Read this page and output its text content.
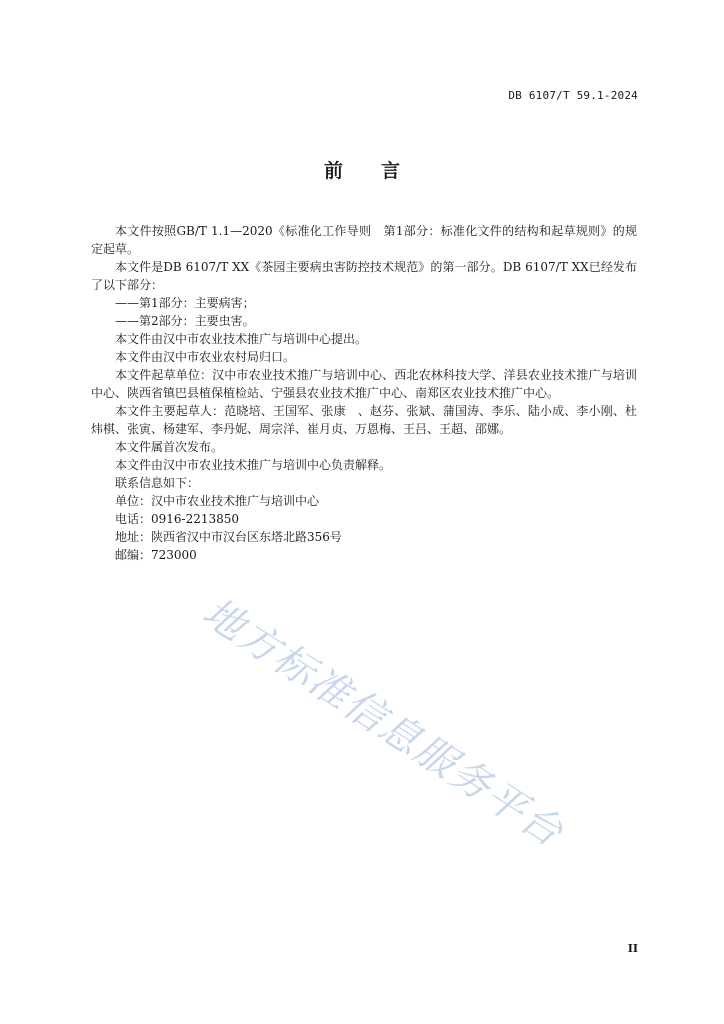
DB 6107/T 59.1-2024
前言

本文件按照GB/T 1.1—2020《标准化工作导则　第1部分：标准化文件的结构和起草规则》的规定起草。

本文件是DB 6107/T XX《茶园主要病虫害防控技术规范》的第一部分。DB 6107/T XX已经发布了以下部分：

——第1部分：主要病害；

——第2部分：主要虫害。

本文件由汉中市农业技术推广与培训中心提出。

本文件由汉中市农业农村局归口。

本文件起草单位：汉中市农业技术推广与培训中心、西北农林科技大学、洋县农业技术推广与培训中心、陕西省镇巴县植保植检站、宁强县农业技术推广中心、南郑区农业技术推广中心。

本文件主要起草人：范晓培、王国军、张康　、赵芬、张斌、蒲国涛、李乐、陆小成、李小刚、杜炜棋、张寅、杨建军、李丹妮、周宗洋、崔月贞、万恩梅、王吕、王超、邵娜。

本文件属首次发布。

本文件由汉中市农业技术推广与培训中心负责解释。

联系信息如下：

单位：汉中市农业技术推广与培训中心

电话：0916-2213850

地址：陕西省汉中市汉台区东塔北路356号

邮编：723000

地方标准信息服务平台
II
